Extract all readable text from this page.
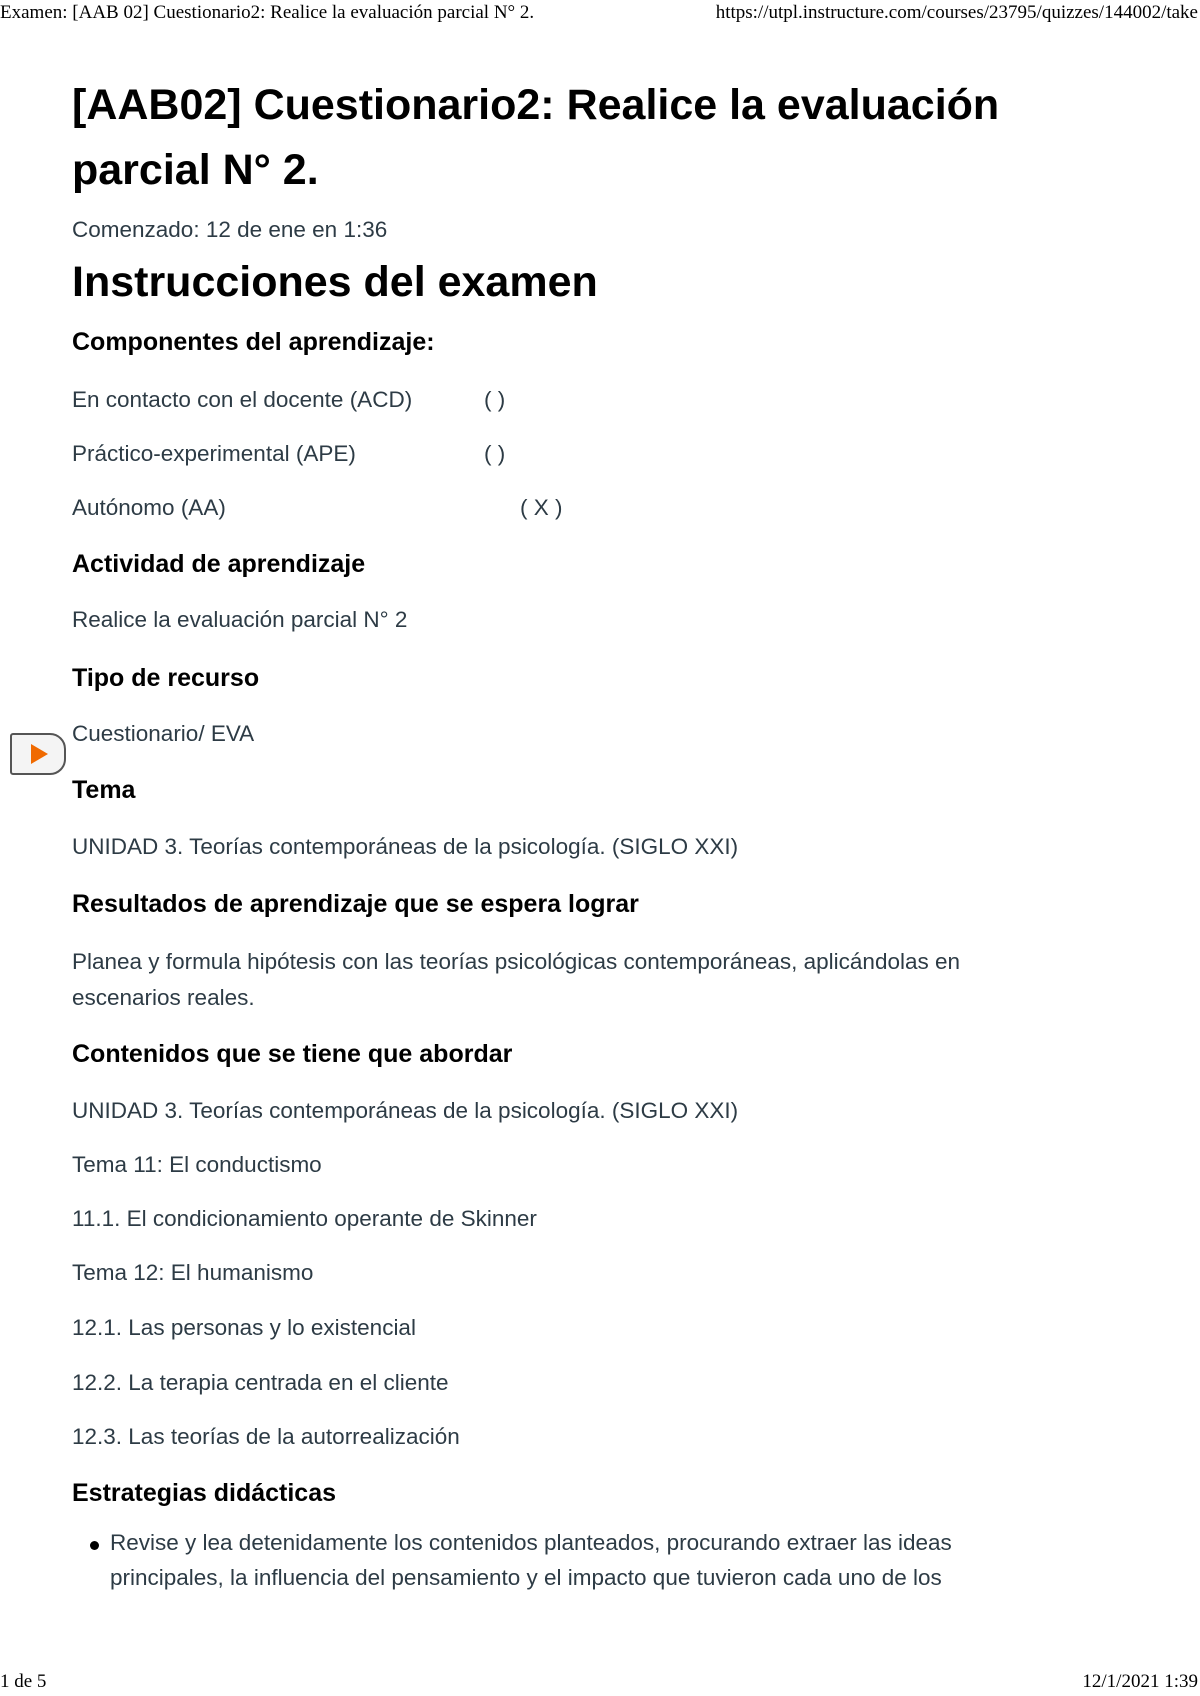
Examen: [AAB 02] Cuestionario2: Realice la evaluación parcial N° 2.	https://utpl.instructure.com/courses/23795/quizzes/144002/take
[AAB02] Cuestionario2: Realice la evaluación
parcial N° 2.
Comenzado: 12 de ene en 1:36
Instrucciones del examen
Componentes del aprendizaje:
En contacto con el docente (ACD)	( )
Práctico-experimental (APE)	( )
Autónomo (AA)	( X )
Actividad de aprendizaje
Realice la evaluación parcial N° 2
Tipo de recurso
Cuestionario/ EVA
Tema
UNIDAD 3. Teorías contemporáneas de la psicología. (SIGLO XXI)
Resultados de aprendizaje que se espera lograr
Planea y formula hipótesis con las teorías psicológicas contemporáneas, aplicándolas en
escenarios reales.
Contenidos que se tiene que abordar
UNIDAD 3. Teorías contemporáneas de la psicología. (SIGLO XXI)
Tema 11: El conductismo
11.1. El condicionamiento operante de Skinner
Tema 12: El humanismo
12.1. Las personas y lo existencial
12.2. La terapia centrada en el cliente
12.3. Las teorías de la autorrealización
Estrategias didácticas
Revise y lea detenidamente los contenidos planteados, procurando extraer las ideas
principales, la influencia del pensamiento y el impacto que tuvieron cada uno de los
1 de 5	12/1/2021 1:39
